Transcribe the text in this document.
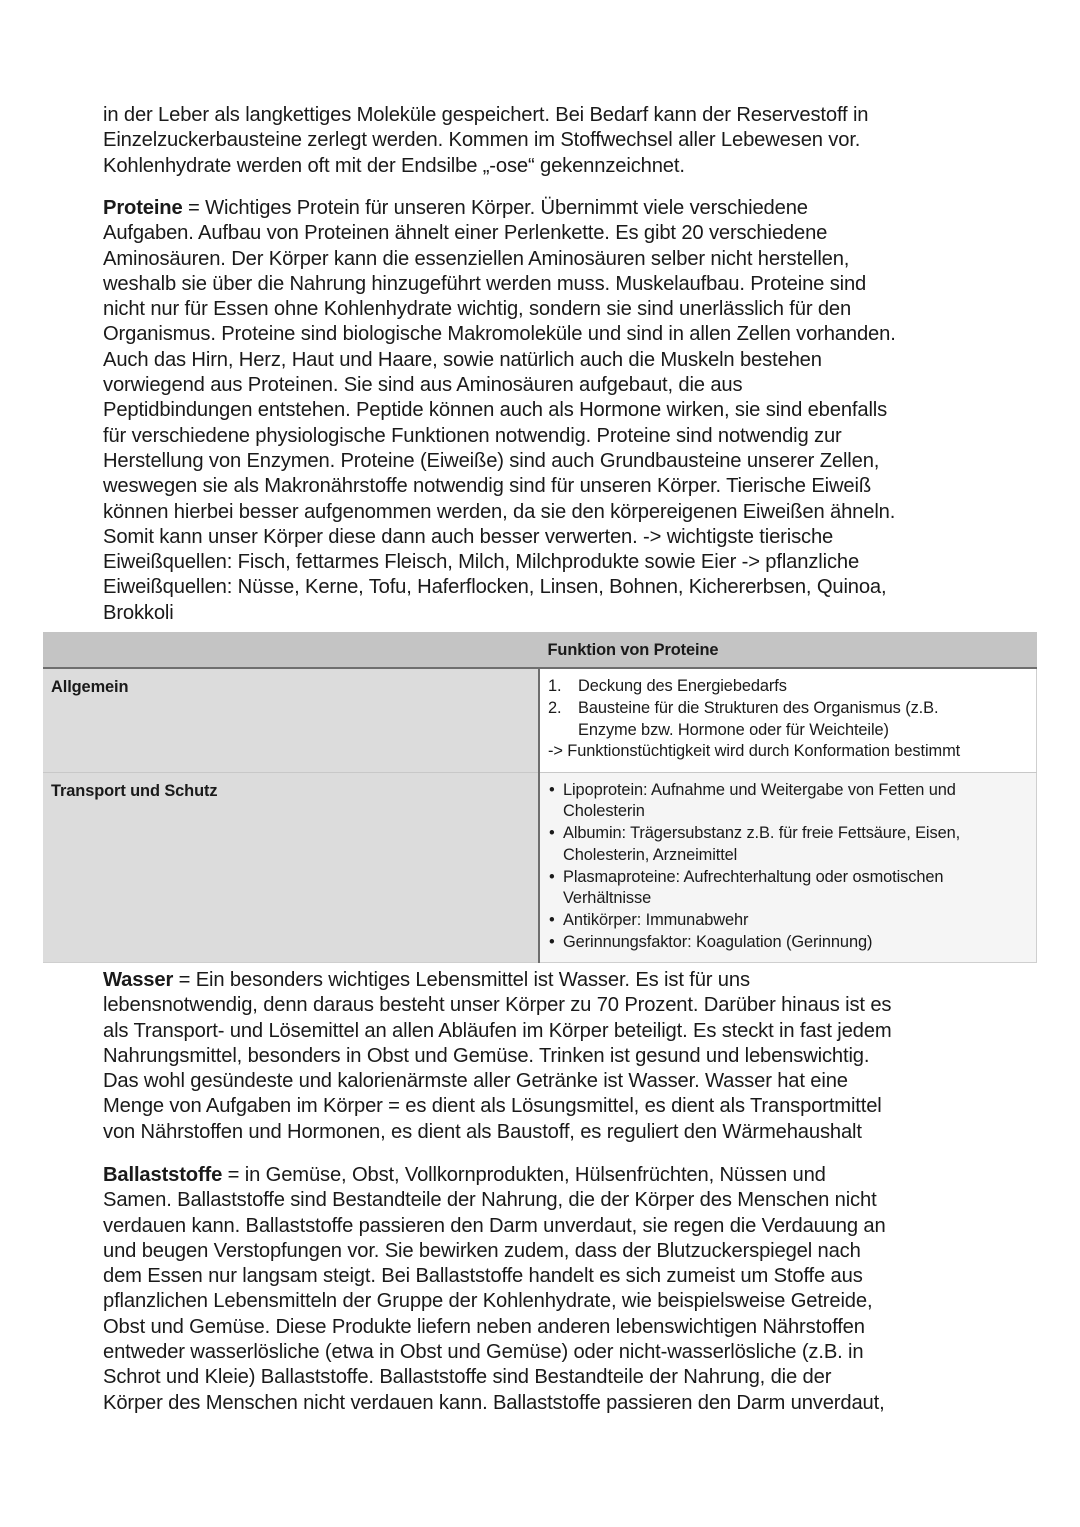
in der Leber als langkettiges Moleküle gespeichert. Bei Bedarf kann der Reservestoff in
Einzelzuckerbausteine zerlegt werden. Kommen im Stoffwechsel aller Lebewesen vor.
Kohlenhydrate werden oft mit der Endsilbe „-ose“ gekennzeichnet.
Proteine = Wichtiges Protein für unseren Körper. Übernimmt viele verschiedene
Aufgaben. Aufbau von Proteinen ähnelt einer Perlenkette. Es gibt 20 verschiedene
Aminosäuren. Der Körper kann die essenziellen Aminosäuren selber nicht herstellen,
weshalb sie über die Nahrung hinzugeführt werden muss. Muskelaufbau. Proteine sind
nicht nur für Essen ohne Kohlenhydrate wichtig, sondern sie sind unerlässlich für den
Organismus. Proteine sind biologische Makromoleküle und sind in allen Zellen vorhanden.
Auch das Hirn, Herz, Haut und Haare, sowie natürlich auch die Muskeln bestehen
vorwiegend aus Proteinen. Sie sind aus Aminosäuren aufgebaut, die aus
Peptidbindungen entstehen. Peptide können auch als Hormone wirken, sie sind ebenfalls
für verschiedene physiologische Funktionen notwendig. Proteine sind notwendig zur
Herstellung von Enzymen. Proteine (Eiweiße) sind auch Grundbausteine unserer Zellen,
weswegen sie als Makronährstoffe notwendig sind für unseren Körper. Tierische Eiweiß
können hierbei besser aufgenommen werden, da sie den körpereigenen Eiweißen ähneln.
Somit kann unser Körper diese dann auch besser verwerten. -> wichtigste tierische
Eiweißquellen: Fisch, fettarmes Fleisch, Milch, Milchprodukte sowie Eier -> pflanzliche
Eiweißquellen: Nüsse, Kerne, Tofu, Haferflocken, Linsen, Bohnen, Kichererbsen, Quinoa,
Brokkoli
	Funktion von Proteine
Allgemein	1. Deckung des Energiebedarfs
2. Bausteine für die Strukturen des Organismus (z.B.
Enzyme bzw. Hormone oder für Weichteile)
-> Funktionstüchtigkeit wird durch Konformation bestimmt

Transport und Schutz	• Lipoprotein: Aufnahme und Weitergabe von Fetten und
Cholesterin
• Albumin: Trägersubstanz z.B. für freie Fettsäure, Eisen,
Cholesterin, Arzneimittel
• Plasmaproteine: Aufrechterhaltung oder osmotischen
Verhältnisse
• Antikörper: Immunabwehr
• Gerinnungsfaktor: Koagulation (Gerinnung)
Wasser = Ein besonders wichtiges Lebensmittel ist Wasser. Es ist für uns
lebensnotwendig, denn daraus besteht unser Körper zu 70 Prozent. Darüber hinaus ist es
als Transport- und Lösemittel an allen Abläufen im Körper beteiligt. Es steckt in fast jedem
Nahrungsmittel, besonders in Obst und Gemüse. Trinken ist gesund und lebenswichtig.
Das wohl gesündeste und kalorienärmste aller Getränke ist Wasser. Wasser hat eine
Menge von Aufgaben im Körper = es dient als Lösungsmittel, es dient als Transportmittel
von Nährstoffen und Hormonen, es dient als Baustoff, es reguliert den Wärmehaushalt
Ballaststoffe = in Gemüse, Obst, Vollkornprodukten, Hülsenfrüchten, Nüssen und
Samen. Ballaststoffe sind Bestandteile der Nahrung, die der Körper des Menschen nicht
verdauen kann. Ballaststoffe passieren den Darm unverdaut, sie regen die Verdauung an
und beugen Verstopfungen vor. Sie bewirken zudem, dass der Blutzuckerspiegel nach
dem Essen nur langsam steigt. Bei Ballaststoffe handelt es sich zumeist um Stoffe aus
pflanzlichen Lebensmitteln der Gruppe der Kohlenhydrate, wie beispielsweise Getreide,
Obst und Gemüse. Diese Produkte liefern neben anderen lebenswichtigen Nährstoffen
entweder wasserlösliche (etwa in Obst und Gemüse) oder nicht-wasserlösliche (z.B. in
Schrot und Kleie) Ballaststoffe. Ballaststoffe sind Bestandteile der Nahrung, die der
Körper des Menschen nicht verdauen kann. Ballaststoffe passieren den Darm unverdaut,
